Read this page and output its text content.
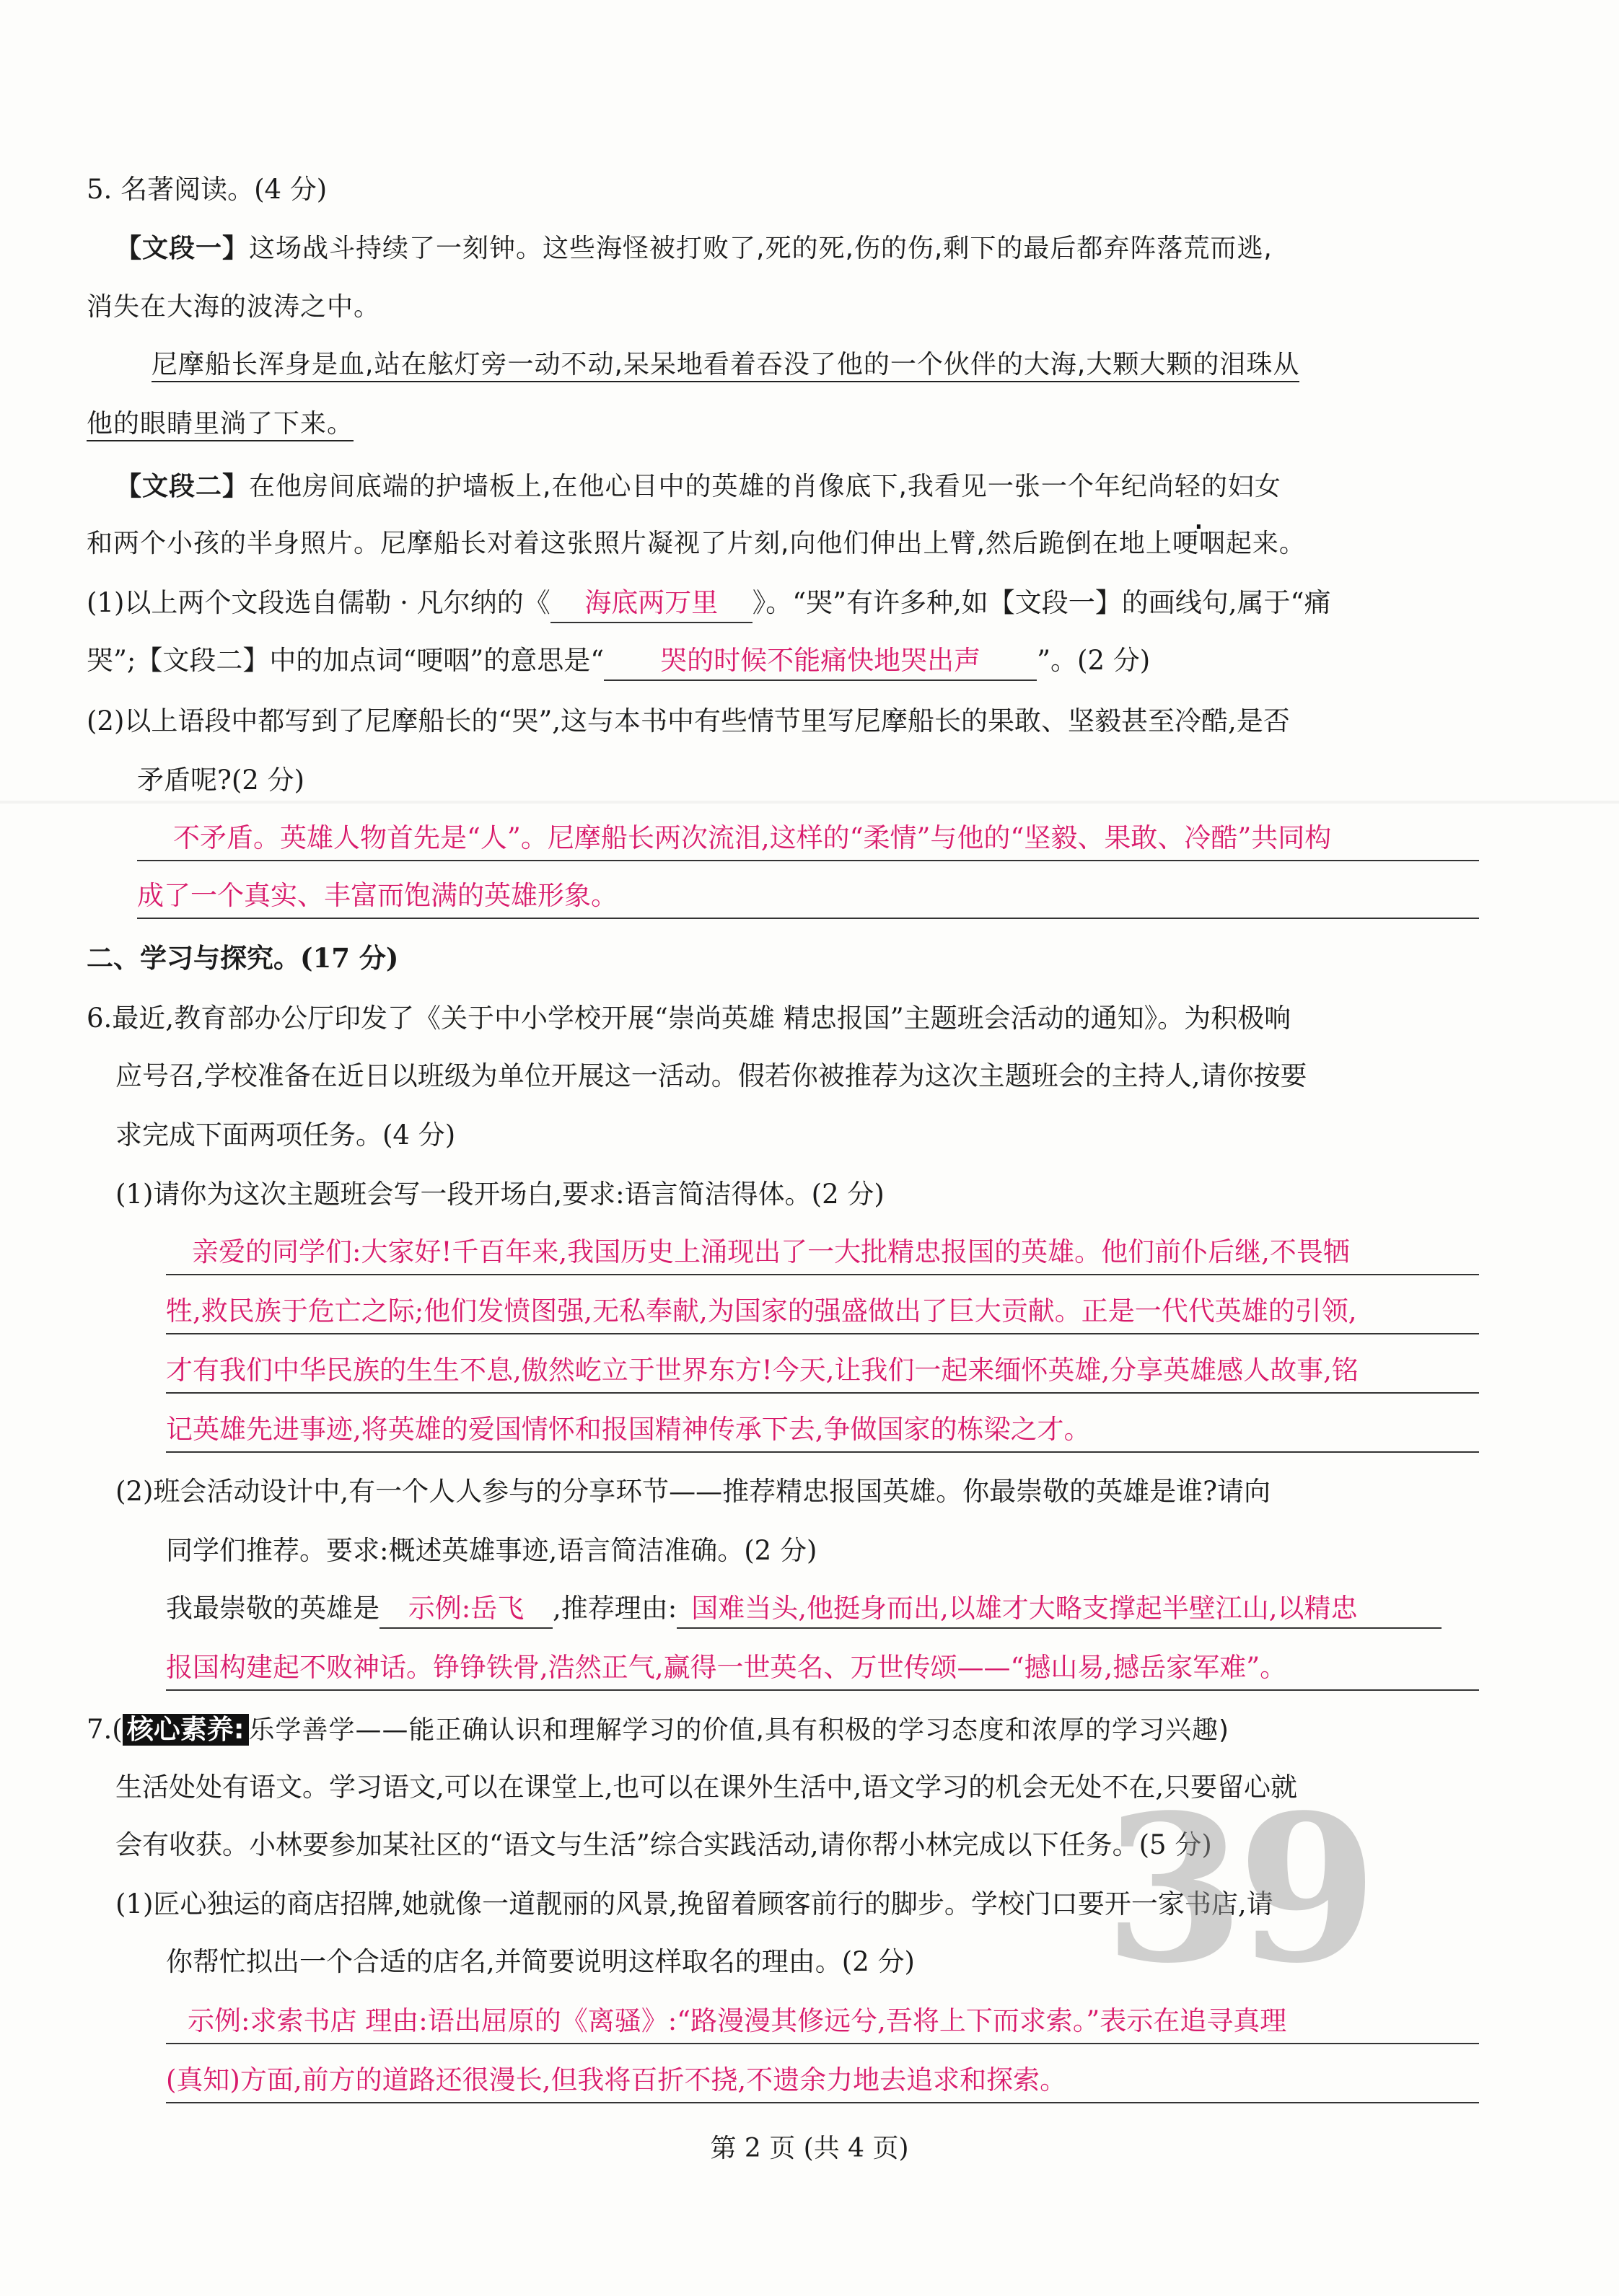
5. 名著阅读。(4 分)
【文段一】这场战斗持续了一刻钟。这些海怪被打败了,死的死,伤的伤,剩下的最后都弃阵落荒而逃,
消失在大海的波涛之中。
尼摩船长浑身是血,站在舷灯旁一动不动,呆呆地看着吞没了他的一个伙伴的大海,大颗大颗的泪珠从
他的眼睛里淌了下来。
【文段二】在他房间底端的护墙板上,在他心目中的英雄的肖像底下,我看见一张一个年纪尚轻的妇女
和两个小孩的半身照片。尼摩船长对着这张照片凝视了片刻,向他们伸出上臂,然后跪倒在地上哽咽起来。
(1)以上两个文段选自儒勒 · 凡尔纳的《 海底两万里 》。“哭”有许多种,如【文段一】的画线句,属于“痛
哭”;【文段二】中的加点词“哽咽”的意思是“ 哭的时候不能痛快地哭出声 ”。(2 分)
(2)以上语段中都写到了尼摩船长的“哭”,这与本书中有些情节里写尼摩船长的果敢、坚毅甚至冷酷,是否
矛盾呢?(2 分)
不矛盾。英雄人物首先是“人”。尼摩船长两次流泪,这样的“柔情”与他的“坚毅、果敢、冷酷”共同构
成了一个真实、丰富而饱满的英雄形象。
二、学习与探究。(17 分)
6.最近,教育部办公厅印发了《关于中小学校开展“崇尚英雄 精忠报国”主题班会活动的通知》。为积极响
应号召,学校准备在近日以班级为单位开展这一活动。假若你被推荐为这次主题班会的主持人,请你按要
求完成下面两项任务。(4 分)
(1)请你为这次主题班会写一段开场白,要求:语言简洁得体。(2 分)
亲爱的同学们:大家好!千百年来,我国历史上涌现出了一大批精忠报国的英雄。他们前仆后继,不畏牺
牲,救民族于危亡之际;他们发愤图强,无私奉献,为国家的强盛做出了巨大贡献。正是一代代英雄的引领,
才有我们中华民族的生生不息,傲然屹立于世界东方!今天,让我们一起来缅怀英雄,分享英雄感人故事,铭
记英雄先进事迹,将英雄的爱国情怀和报国精神传承下去,争做国家的栋梁之才。
(2)班会活动设计中,有一个人人参与的分享环节——推荐精忠报国英雄。你最崇敬的英雄是谁?请向
同学们推荐。要求:概述英雄事迹,语言简洁准确。(2 分)
我最崇敬的英雄是 示例:岳飞 ,推荐理由: 国难当头,他挺身而出,以雄才大略支撑起半壁江山,以精忠
报国构建起不败神话。铮铮铁骨,浩然正气,赢得一世英名、万世传颂——“撼山易,撼岳家军难”。
7.( 核心素养: 乐学善学——能正确认识和理解学习的价值,具有积极的学习态度和浓厚的学习兴趣)
生活处处有语文。学习语文,可以在课堂上,也可以在课外生活中,语文学习的机会无处不在,只要留心就
会有收获。小林要参加某社区的“语文与生活”综合实践活动,请你帮小林完成以下任务。(5 分)
(1)匠心独运的商店招牌,她就像一道靓丽的风景,挽留着顾客前行的脚步。学校门口要开一家书店,请
你帮忙拟出一个合适的店名,并简要说明这样取名的理由。(2 分)
示例:求索书店 理由:语出屈原的《离骚》:“路漫漫其修远兮,吾将上下而求索。”表示在追寻真理
(真知)方面,前方的道路还很漫长,但我将百折不挠,不遗余力地去追求和探索。
39
第 2 页 (共 4 页)
